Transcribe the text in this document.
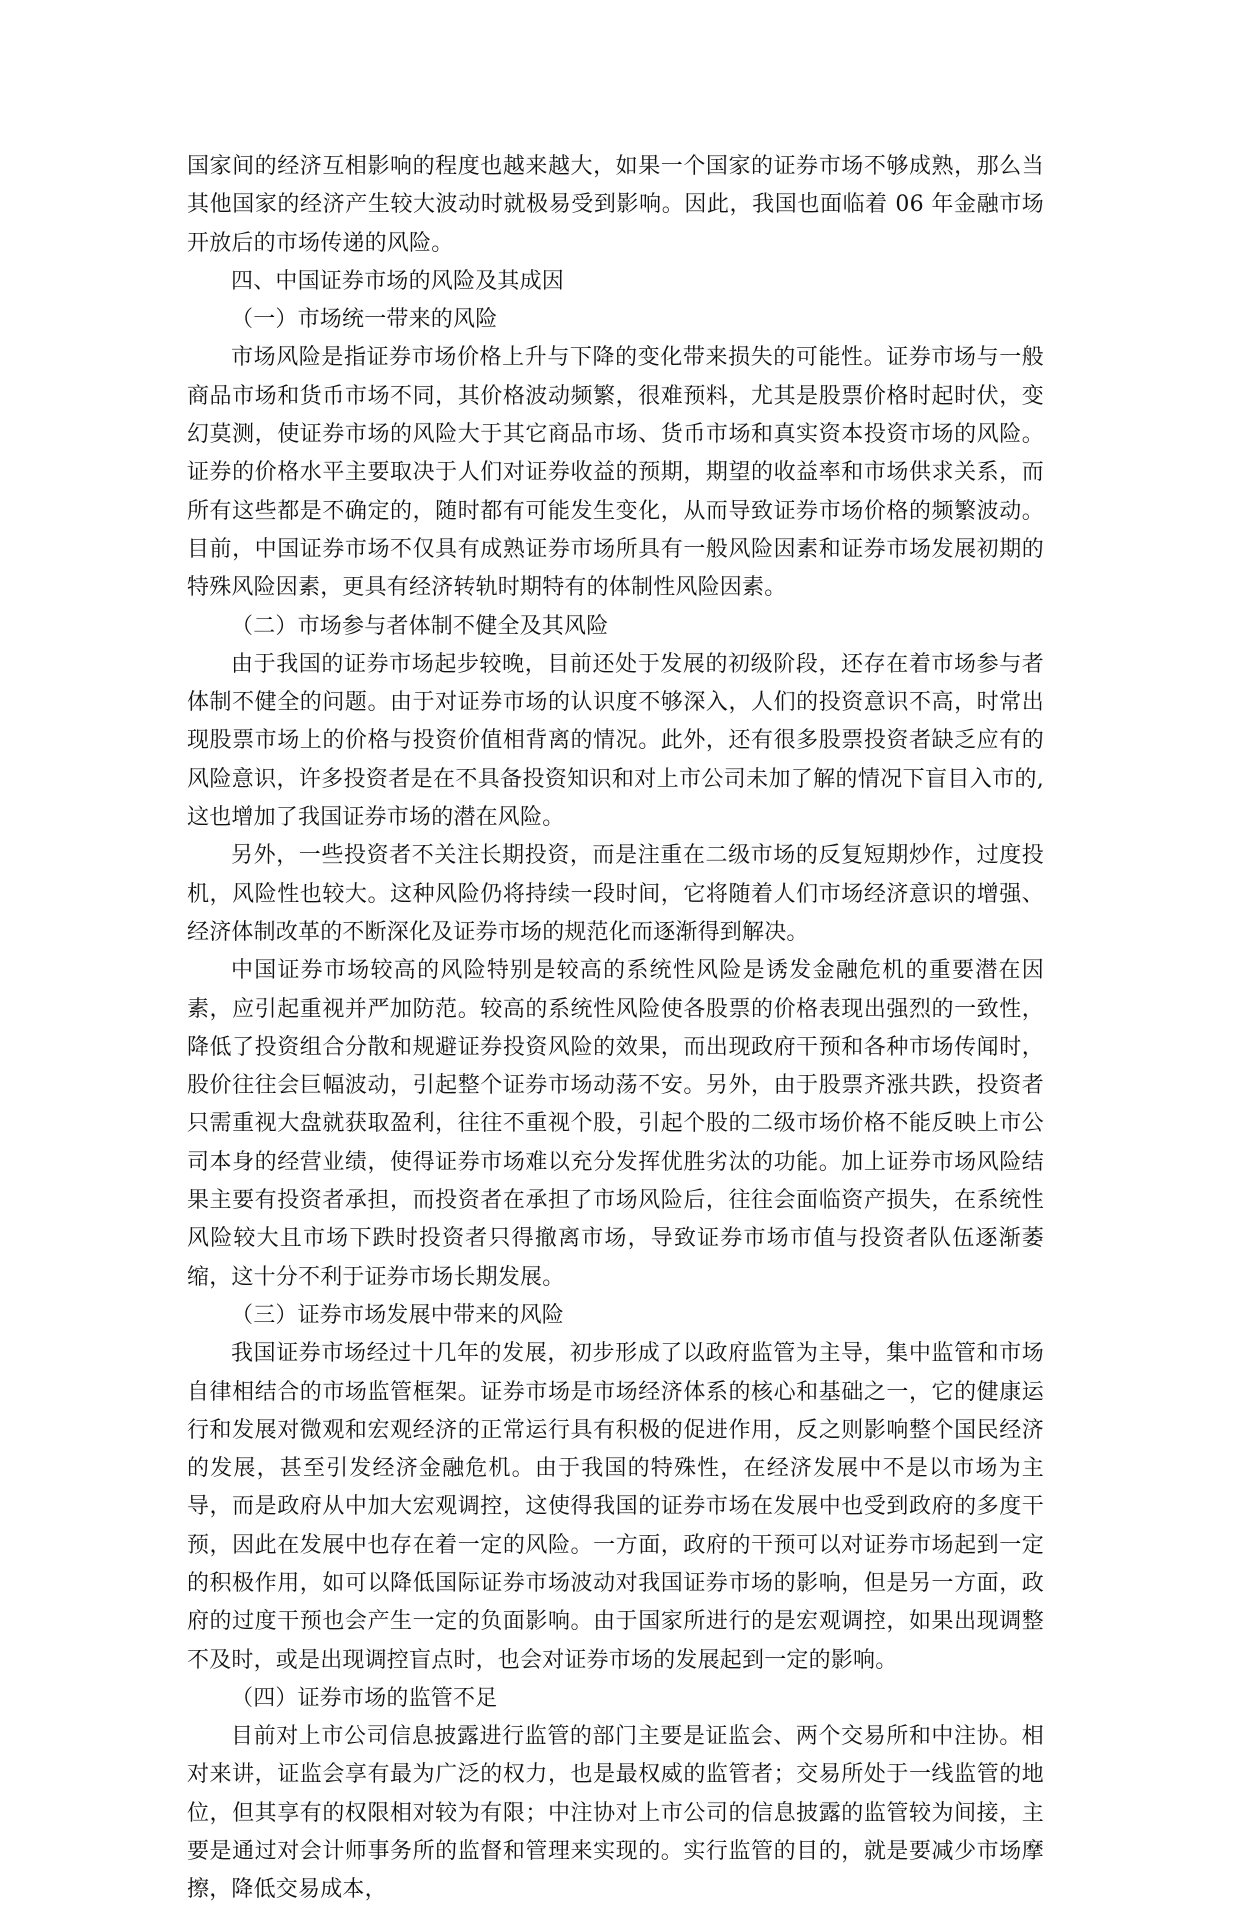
国家间的经济互相影响的程度也越来越大，如果一个国家的证券市场不够成熟，那么当其他国家的经济产生较大波动时就极易受到影响。因此，我国也面临着 06 年金融市场开放后的市场传递的风险。

四、中国证券市场的风险及其成因

（一）市场统一带来的风险

市场风险是指证券市场价格上升与下降的变化带来损失的可能性。证券市场与一般商品市场和货币市场不同，其价格波动频繁，很难预料，尤其是股票价格时起时伏，变幻莫测，使证券市场的风险大于其它商品市场、货币市场和真实资本投资市场的风险。证券的价格水平主要取决于人们对证券收益的预期，期望的收益率和市场供求关系，而所有这些都是不确定的，随时都有可能发生变化，从而导致证券市场价格的频繁波动。目前，中国证券市场不仅具有成熟证券市场所具有一般风险因素和证券市场发展初期的特殊风险因素，更具有经济转轨时期特有的体制性风险因素。

（二）市场参与者体制不健全及其风险

由于我国的证券市场起步较晚，目前还处于发展的初级阶段，还存在着市场参与者体制不健全的问题。由于对证券市场的认识度不够深入，人们的投资意识不高，时常出现股票市场上的价格与投资价值相背离的情况。此外，还有很多股票投资者缺乏应有的风险意识，许多投资者是在不具备投资知识和对上市公司未加了解的情况下盲目入市的,这也增加了我国证券市场的潜在风险。

另外，一些投资者不关注长期投资，而是注重在二级市场的反复短期炒作，过度投机，风险性也较大。这种风险仍将持续一段时间，它将随着人们市场经济意识的增强、经济体制改革的不断深化及证券市场的规范化而逐渐得到解决。

中国证券市场较高的风险特别是较高的系统性风险是诱发金融危机的重要潜在因素，应引起重视并严加防范。较高的系统性风险使各股票的价格表现出强烈的一致性，降低了投资组合分散和规避证券投资风险的效果，而出现政府干预和各种市场传闻时，股价往往会巨幅波动，引起整个证券市场动荡不安。另外，由于股票齐涨共跌，投资者只需重视大盘就获取盈利，往往不重视个股，引起个股的二级市场价格不能反映上市公司本身的经营业绩，使得证券市场难以充分发挥优胜劣汰的功能。加上证券市场风险结果主要有投资者承担，而投资者在承担了市场风险后，往往会面临资产损失，在系统性风险较大且市场下跌时投资者只得撤离市场，导致证券市场市值与投资者队伍逐渐萎缩，这十分不利于证券市场长期发展。

（三）证券市场发展中带来的风险

我国证券市场经过十几年的发展，初步形成了以政府监管为主导，集中监管和市场自律相结合的市场监管框架。证券市场是市场经济体系的核心和基础之一，它的健康运行和发展对微观和宏观经济的正常运行具有积极的促进作用，反之则影响整个国民经济的发展，甚至引发经济金融危机。由于我国的特殊性，在经济发展中不是以市场为主导，而是政府从中加大宏观调控，这使得我国的证券市场在发展中也受到政府的多度干预，因此在发展中也存在着一定的风险。一方面，政府的干预可以对证券市场起到一定的积极作用，如可以降低国际证券市场波动对我国证券市场的影响，但是另一方面，政府的过度干预也会产生一定的负面影响。由于国家所进行的是宏观调控，如果出现调整不及时，或是出现调控盲点时，也会对证券市场的发展起到一定的影响。

（四）证券市场的监管不足

目前对上市公司信息披露进行监管的部门主要是证监会、两个交易所和中注协。相对来讲，证监会享有最为广泛的权力，也是最权威的监管者；交易所处于一线监管的地位，但其享有的权限相对较为有限；中注协对上市公司的信息披露的监管较为间接，主要是通过对会计师事务所的监督和管理来实现的。实行监管的目的，就是要减少市场摩擦，降低交易成本，
